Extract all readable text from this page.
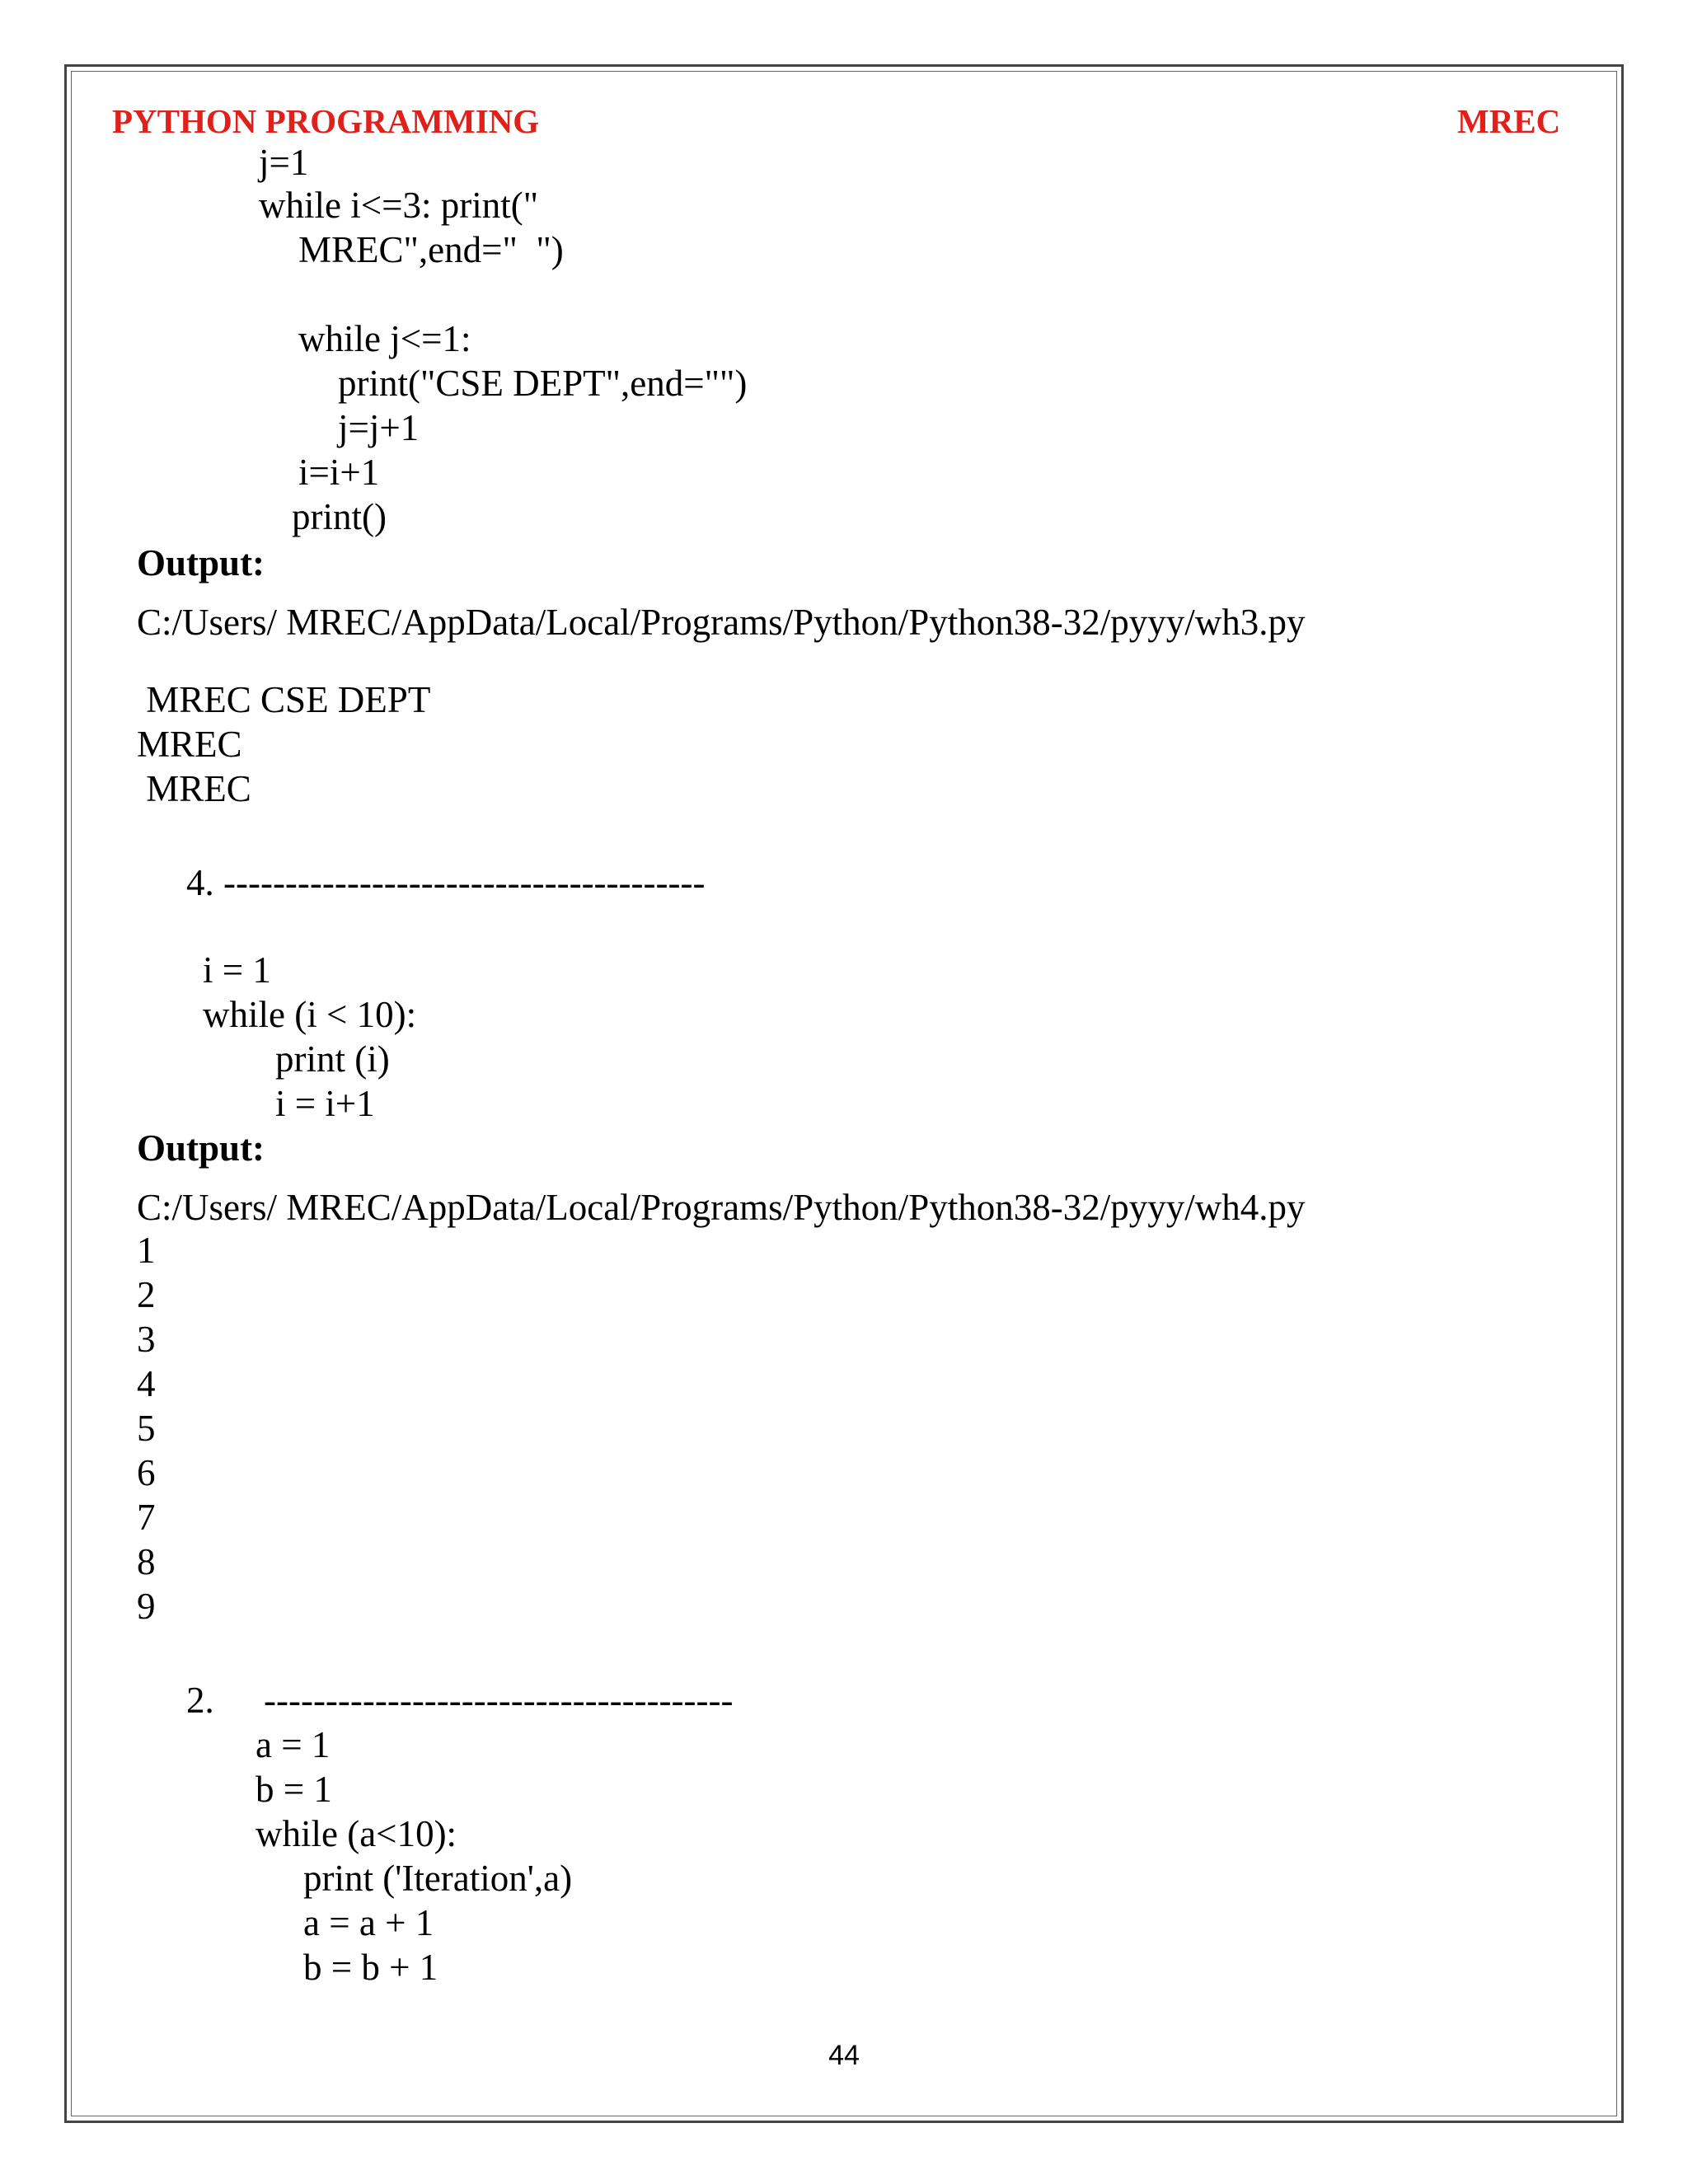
PYTHON PROGRAMMING	MREC
j=1
while i<=3: print("
MREC",end="  ")
while j<=1:
print("CSE DEPT",end="")
j=j+1
i=i+1
print()
Output:
C:/Users/ MREC/AppData/Local/Programs/Python/Python38-32/pyyy/wh3.py
MREC CSE DEPT
MREC
MREC
4. ---------------------------------------
i = 1
while (i < 10):
print (i)
i = i+1
Output:
C:/Users/ MREC/AppData/Local/Programs/Python/Python38-32/pyyy/wh4.py
1
2
3
4
5
6
7
8
9
2. --------------------------------------
a = 1
b = 1
while (a<10):
print ('Iteration',a)
a = a + 1
b = b + 1
44
